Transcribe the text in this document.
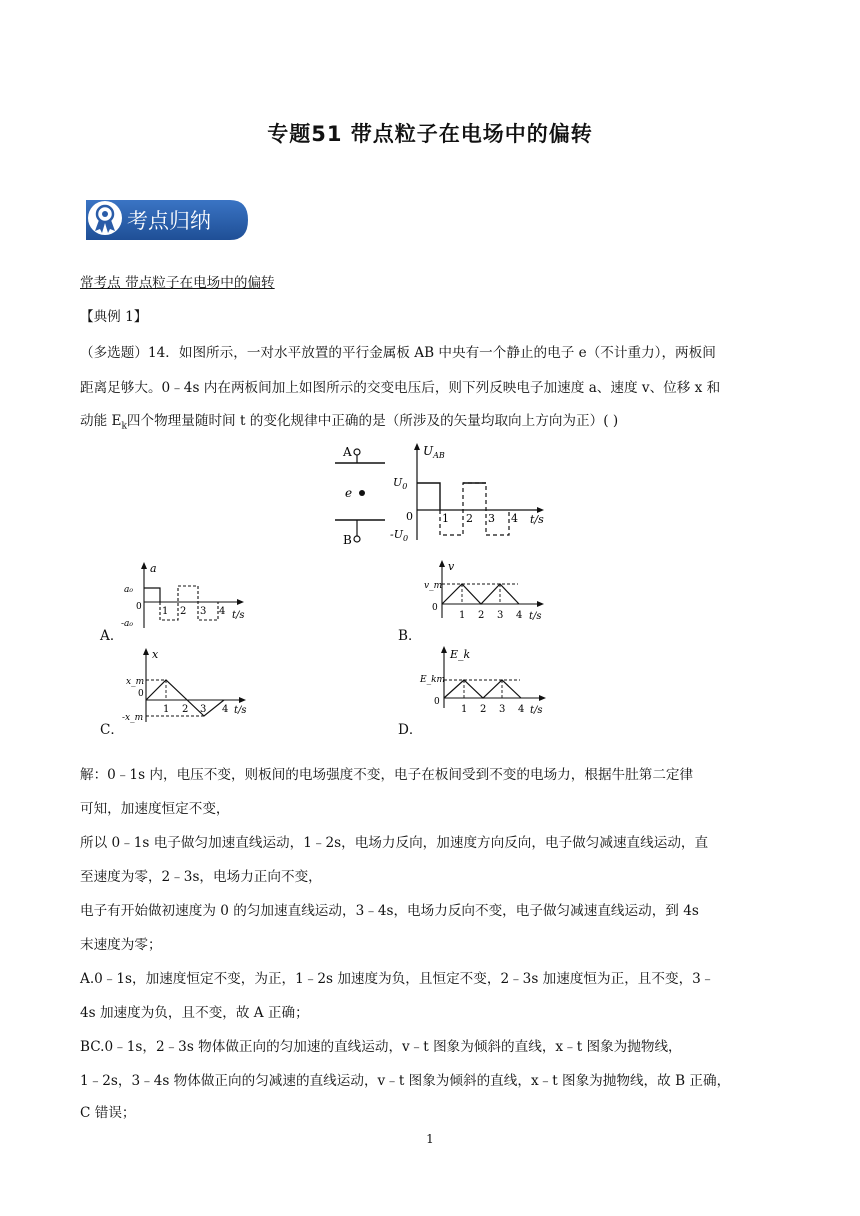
专题51 带点粒子在电场中的偏转
考点归纳

常考点 带点粒子在电场中的偏转

【典例 1】

（多选题）14．如图所示，一对水平放置的平行金属板 AB 中央有一个静止的电子 e（不计重力），两板间

距离足够大。0﹣4s 内在两板间加上如图所示的交变电压后，则下列反映电子加速度 a、速度 v、位移 x 和

动能 $E_k$四个物理量随时间 t 的变化规律中正确的是（所涉及的矢量均取向上方向为正）( )

A
e
B
$U_{AB}$
$U_0$
$-U_0$
0	1 2 3 4 t/s
A．
a
a₀
-a₀
0 1 2 3 4 t/s
B．
v
v_m
0
1 2 3 4 t/s
C．
x
x_m
-x_m
0
1 2 3 4 t/s
D．
E_k
E_km
0
1 2 3 4 t/s

解：0﹣1s 内，电压不变，则板间的电场强度不变，电子在板间受到不变的电场力，根据牛肚第二定律

可知，加速度恒定不变，

所以 0﹣1s 电子做匀加速直线运动，1﹣2s，电场力反向，加速度方向反向，电子做匀减速直线运动，直

至速度为零，2﹣3s，电场力正向不变，

电子有开始做初速度为 0 的匀加速直线运动，3﹣4s，电场力反向不变，电子做匀减速直线运动，到 4s

末速度为零；

A.0﹣1s，加速度恒定不变，为正，1﹣2s 加速度为负，且恒定不变，2﹣3s 加速度恒为正，且不变，3﹣

4s 加速度为负，且不变，故 A 正确；

BC.0﹣1s，2﹣3s 物体做正向的匀加速的直线运动，v﹣t 图象为倾斜的直线，x﹣t 图象为抛物线，

1﹣2s，3﹣4s 物体做正向的匀减速的直线运动，v﹣t 图象为倾斜的直线，x﹣t 图象为抛物线，故 B 正确，

C 错误；

1
